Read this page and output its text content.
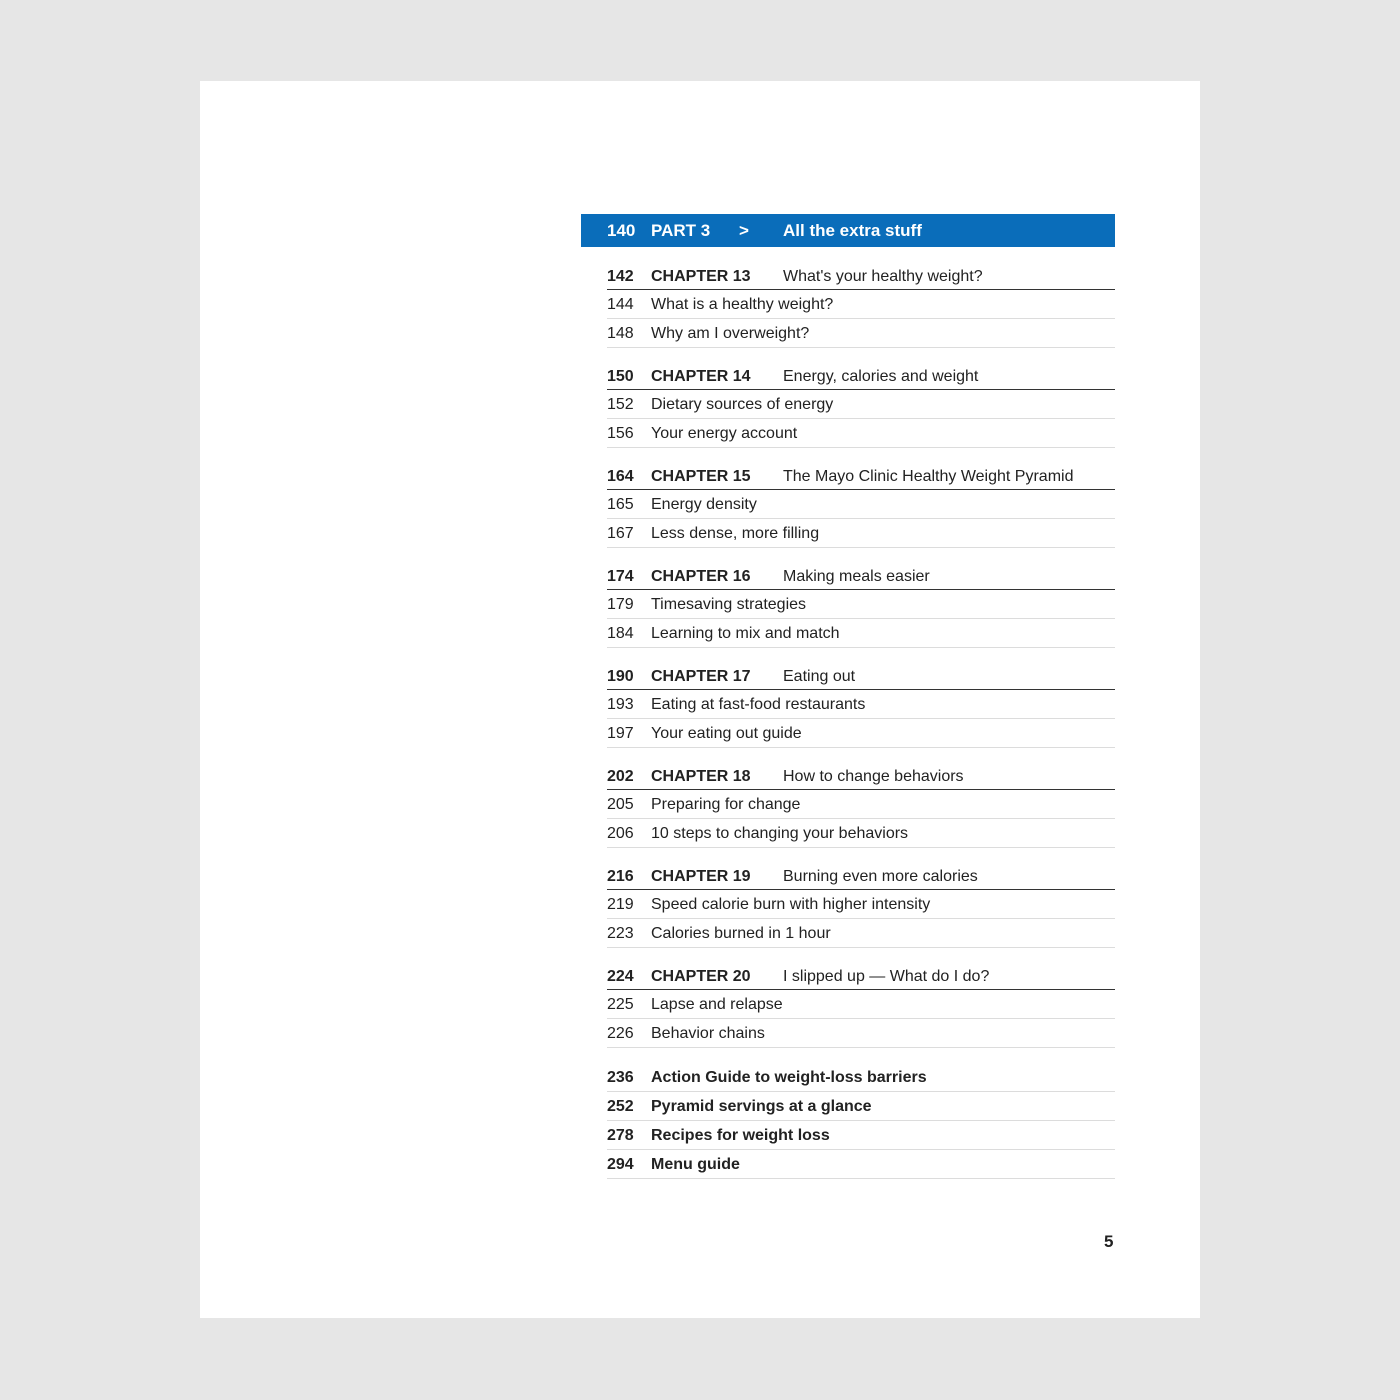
140 PART 3	>	All the extra stuff
142	CHAPTER 13	What's your healthy weight?
144	What is a healthy weight?
148	Why am I overweight?
150	CHAPTER 14	Energy, calories and weight
152	Dietary sources of energy
156	Your energy account
164	CHAPTER 15	The Mayo Clinic Healthy Weight Pyramid
165	Energy density
167	Less dense, more filling
174	CHAPTER 16	Making meals easier
179	Timesaving strategies
184	Learning to mix and match
190	CHAPTER 17	Eating out
193	Eating at fast-food restaurants
197	Your eating out guide
202	CHAPTER 18	How to change behaviors
205	Preparing for change
206	10 steps to changing your behaviors
216	CHAPTER 19	Burning even more calories
219	Speed calorie burn with higher intensity
223	Calories burned in 1 hour
224	CHAPTER 20	I slipped up — What do I do?
225	Lapse and relapse
226	Behavior chains
236	Action Guide to weight-loss barriers
252	Pyramid servings at a glance
278	Recipes for weight loss
294	Menu guide
5
